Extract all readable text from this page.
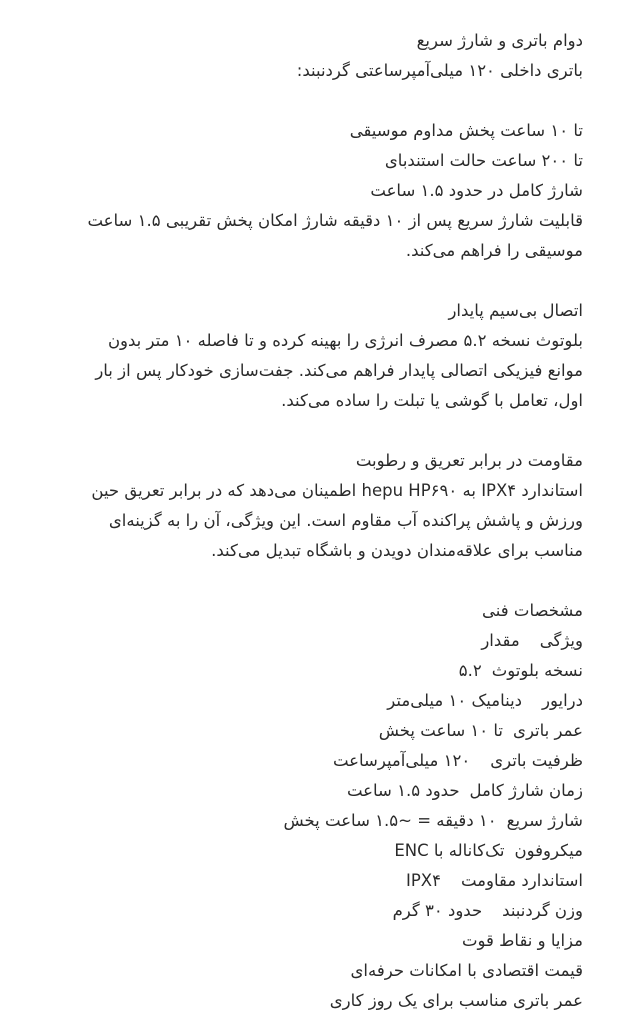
دوام باتری و شارژ سریع
باتری داخلی ۱۲۰ میلی‌آمپرساعتی گردنبند:
تا ۱۰ ساعت پخش مداوم موسیقی
تا ۲۰۰ ساعت حالت استندبای
شارژ کامل در حدود ۱.۵ ساعت
قابلیت شارژ سریع پس از ۱۰ دقیقه شارژ امکان پخش تقریبی ۱.۵ ساعت
موسیقی را فراهم می‌کند.
اتصال بی‌سیم پایدار
بلوتوث نسخه ۵.۲ مصرف انرژی را بهینه کرده و تا فاصله ۱۰ متر بدون
موانع فیزیکی اتصالی پایدار فراهم می‌کند. جفت‌سازی خودکار پس از بار
اول، تعامل با گوشی یا تبلت را ساده می‌کند.
مقاومت در برابر تعریق و رطوبت
استاندارد IPX۴ به hepu HP۶۹۰ اطمینان می‌دهد که در برابر تعریق حین
ورزش و پاشش پراکنده آب مقاوم است. این ویژگی، آن را به گزینه‌ای
مناسب برای علاقه‌مندان دویدن و باشگاه تبدیل می‌کند.
مشخصات فنی
ویژگیمقدار
نسخه بلوتوث۵.۲
درایوردینامیک ۱۰ میلی‌متر
عمر باتریتا ۱۰ ساعت پخش
ظرفیت باتری۱۲۰ میلی‌آمپرساعت
زمان شارژ کاملحدود ۱.۵ ساعت
شارژ سریع۱۰ دقیقه = ~۱.۵ ساعت پخش
میکروفونتک‌کاناله با ENC
استاندارد مقاومتIPX۴
وزن گردنبندحدود ۳۰ گرم
مزایا و نقاط قوت
قیمت اقتصادی با امکانات حرفه‌ای
عمر باتری مناسب برای یک روز کاری
